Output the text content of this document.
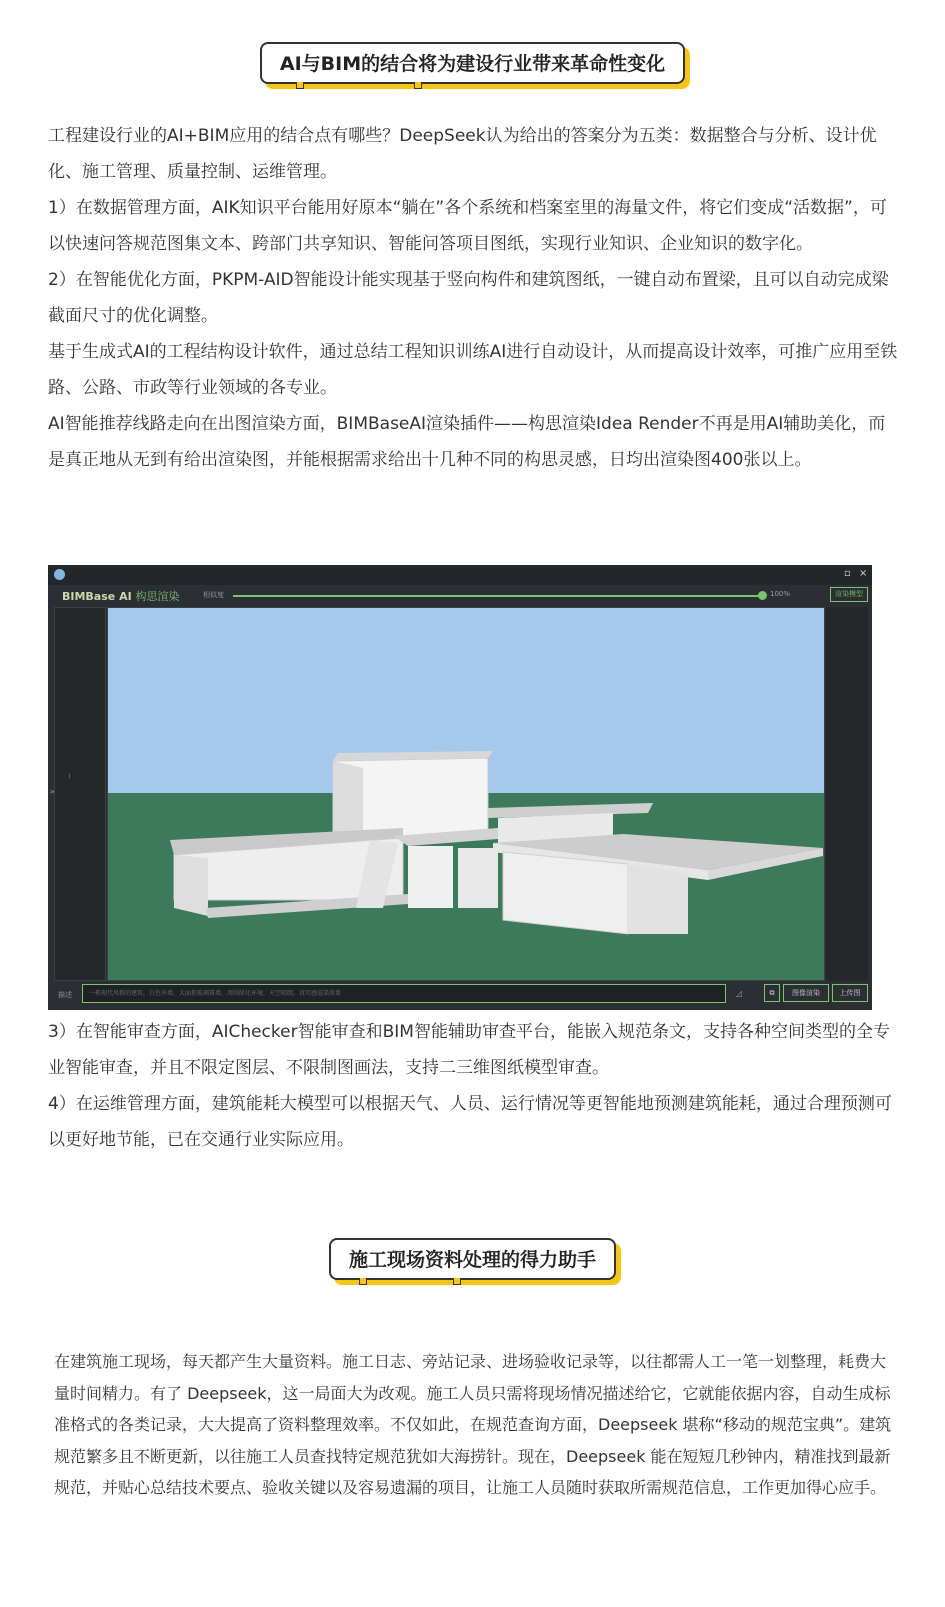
AI与BIM的结合将为建设行业带来革命性变化

工程建设行业的AI+BIM应用的结合点有哪些？DeepSeek认为给出的答案分为五类：数据整合与分析、设计优化、施工管理、质量控制、运维管理。

1）在数据管理方面，AIK知识平台能用好原本“躺在”各个系统和档案室里的海量文件，将它们变成“活数据”，可以快速问答规范图集文本、跨部门共享知识、智能问答项目图纸，实现行业知识、企业知识的数字化。

2）在智能优化方面，PKPM-AID智能设计能实现基于竖向构件和建筑图纸，一键自动布置梁，且可以自动完成梁截面尺寸的优化调整。

基于生成式AI的工程结构设计软件，通过总结工程知识训练AI进行自动设计，从而提高设计效率，可推广应用至铁路、公路、市政等行业领域的各专业。

AI智能推荐线路走向在出图渲染方面，BIMBaseAI渲染插件——构思渲染Idea Render不再是用AI辅助美化，而是真正地从无到有给出渲染图，并能根据需求给出十几种不同的构思灵感，日均出渲染图400张以上。

▫ ×
BIMBase AI 构思渲染	相似度	100%	渲染模型
⁝
»
描述	一栋现代风格的建筑，白色外墙，大面积玻璃幕墙，周围绿化环境，天空晴朗，真实感渲染效果	◿	⧉	图像渲染	上传图

3）在智能审查方面，AIChecker智能审查和BIM智能辅助审查平台，能嵌入规范条文，支持各种空间类型的全专业智能审查，并且不限定图层、不限制图画法，支持二三维图纸模型审查。

4）在运维管理方面，建筑能耗大模型可以根据天气、人员、运行情况等更智能地预测建筑能耗，通过合理预测可以更好地节能，已在交通行业实际应用。

施工现场资料处理的得力助手

在建筑施工现场，每天都产生大量资料。施工日志、旁站记录、进场验收记录等，以往都需人工一笔一划整理，耗费大量时间精力。有了 Deepseek，这一局面大为改观。施工人员只需将现场情况描述给它，它就能依据内容，自动生成标准格式的各类记录，大大提高了资料整理效率。不仅如此，在规范查询方面，Deepseek 堪称“移动的规范宝典”。建筑规范繁多且不断更新，以往施工人员查找特定规范犹如大海捞针。现在，Deepseek 能在短短几秒钟内，精准找到最新规范，并贴心总结技术要点、验收关键以及容易遗漏的项目，让施工人员随时获取所需规范信息，工作更加得心应手。
